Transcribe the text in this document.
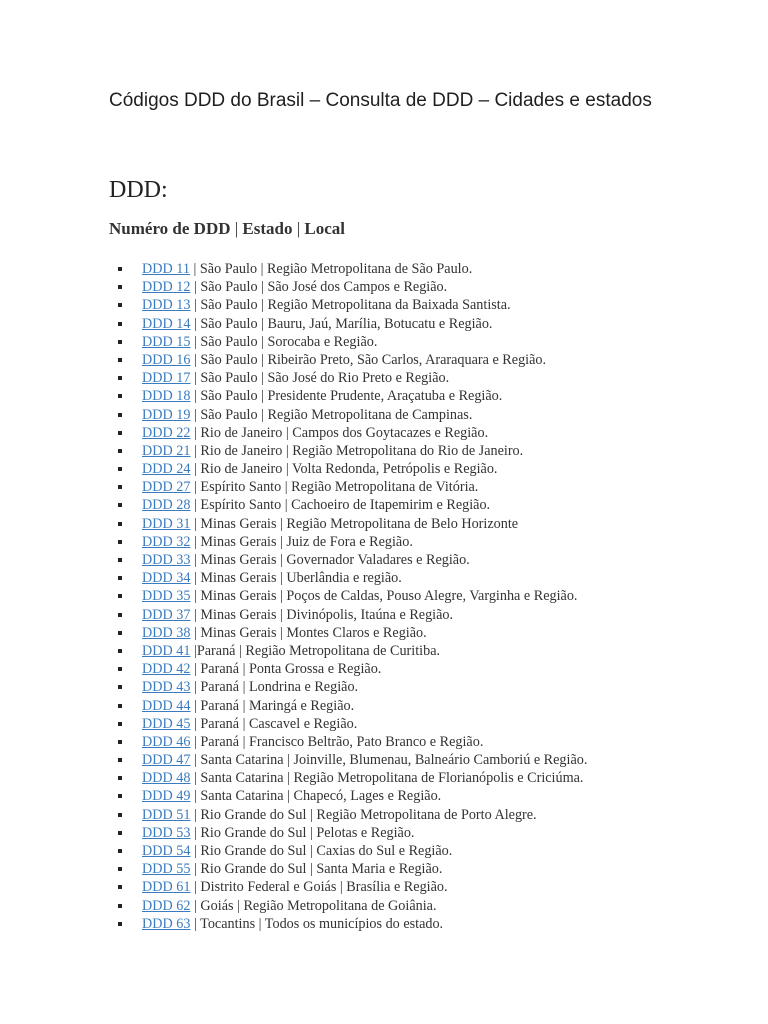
Códigos DDD do Brasil – Consulta de DDD – Cidades e estados
DDD:
Numéro de DDD | Estado | Local
DDD 11 | São Paulo | Região Metropolitana de São Paulo.
DDD 12 | São Paulo | São José dos Campos e Região.
DDD 13 | São Paulo | Região Metropolitana da Baixada Santista.
DDD 14 | São Paulo | Bauru, Jaú, Marília, Botucatu e Região.
DDD 15 | São Paulo | Sorocaba e Região.
DDD 16 | São Paulo | Ribeirão Preto, São Carlos, Araraquara e Região.
DDD 17 | São Paulo | São José do Rio Preto e Região.
DDD 18 | São Paulo | Presidente Prudente, Araçatuba e Região.
DDD 19 | São Paulo | Região Metropolitana de Campinas.
DDD 22 | Rio de Janeiro | Campos dos Goytacazes e Região.
DDD 21 | Rio de Janeiro | Região Metropolitana do Rio de Janeiro.
DDD 24 | Rio de Janeiro | Volta Redonda, Petrópolis e Região.
DDD 27 | Espírito Santo | Região Metropolitana de Vitória.
DDD 28 | Espírito Santo | Cachoeiro de Itapemirim e Região.
DDD 31 | Minas Gerais | Região Metropolitana de Belo Horizonte
DDD 32 | Minas Gerais | Juiz de Fora e Região.
DDD 33 | Minas Gerais | Governador Valadares e Região.
DDD 34 | Minas Gerais | Uberlândia e região.
DDD 35 | Minas Gerais | Poços de Caldas, Pouso Alegre, Varginha e Região.
DDD 37 | Minas Gerais | Divinópolis, Itaúna e Região.
DDD 38 | Minas Gerais | Montes Claros e Região.
DDD 41 |Paraná | Região Metropolitana de Curitiba.
DDD 42 | Paraná | Ponta Grossa e Região.
DDD 43 | Paraná | Londrina e Região.
DDD 44 | Paraná | Maringá e Região.
DDD 45 | Paraná | Cascavel e Região.
DDD 46 | Paraná | Francisco Beltrão, Pato Branco e Região.
DDD 47 | Santa Catarina | Joinville, Blumenau, Balneário Camboriú e Região.
DDD 48 | Santa Catarina | Região Metropolitana de Florianópolis e Criciúma.
DDD 49 | Santa Catarina | Chapecó, Lages e Região.
DDD 51 | Rio Grande do Sul | Região Metropolitana de Porto Alegre.
DDD 53 | Rio Grande do Sul | Pelotas e Região.
DDD 54 | Rio Grande do Sul | Caxias do Sul e Região.
DDD 55 | Rio Grande do Sul | Santa Maria e Região.
DDD 61 | Distrito Federal e Goiás | Brasília e Região.
DDD 62 | Goiás | Região Metropolitana de Goiânia.
DDD 63 | Tocantins | Todos os municípios do estado.
